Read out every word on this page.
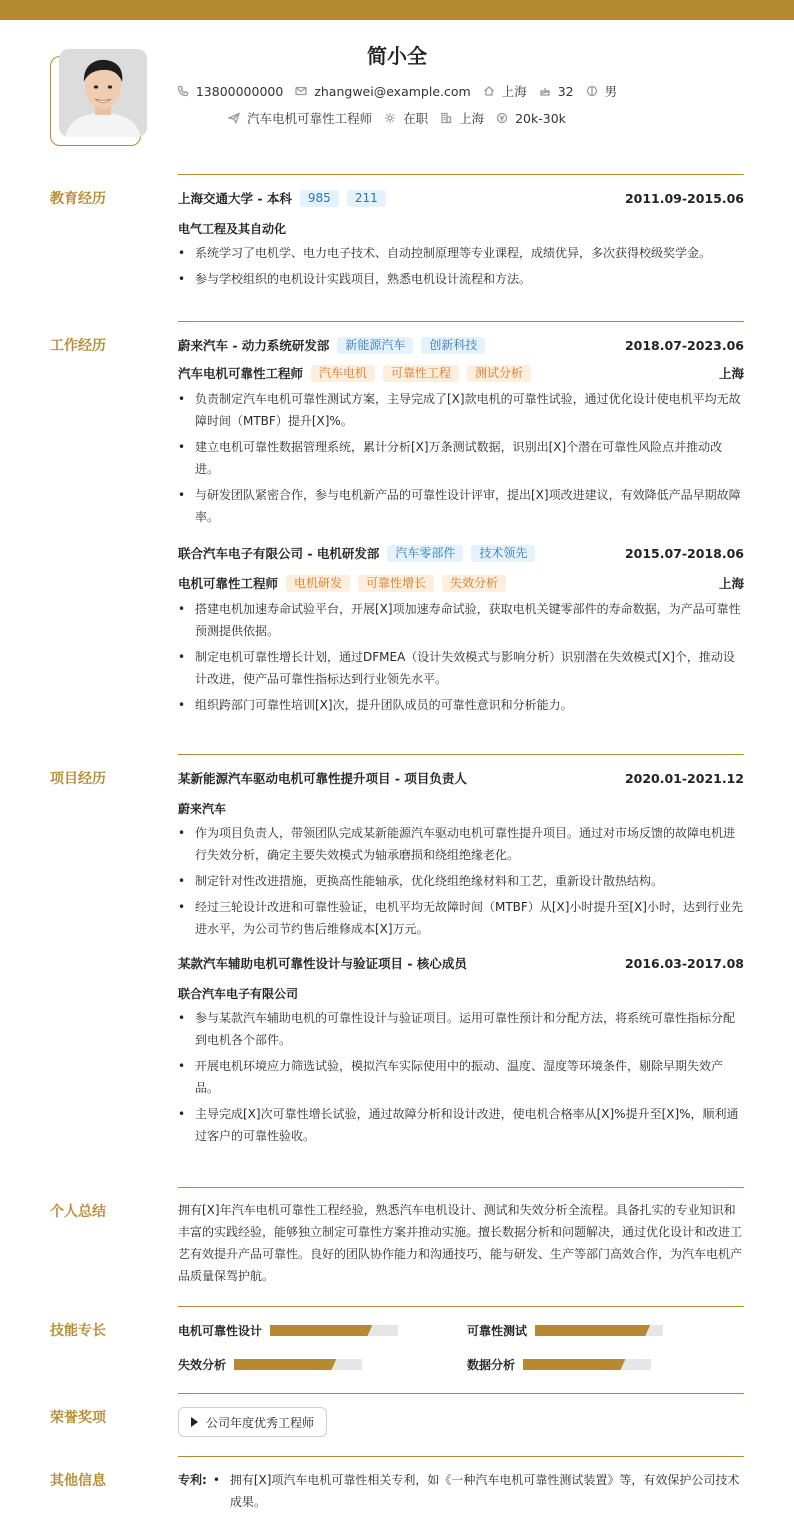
简小全
13800000000 zhangwei@example.com 上海 32 男
汽车电机可靠性工程师 在职 上海 20k-30k
教育经历	上海交通大学 - 本科	985	211	2011.09-2015.06
电气工程及其自动化
• 系统学习了电机学、电力电子技术、自动控制原理等专业课程，成绩优异，多次获得校级奖学金。
• 参与学校组织的电机设计实践项目，熟悉电机设计流程和方法。
工作经历	蔚来汽车 - 动力系统研发部	新能源汽车	创新科技	2018.07-2023.06
汽车电机可靠性工程师	汽车电机	可靠性工程	测试分析	上海
• 负责制定汽车电机可靠性测试方案，主导完成了[X]款电机的可靠性试验，通过优化设计使电机平均无故障时间（MTBF）提升[X]%。
• 建立电机可靠性数据管理系统，累计分析[X]万条测试数据，识别出[X]个潜在可靠性风险点并推动改进。
• 与研发团队紧密合作，参与电机新产品的可靠性设计评审，提出[X]项改进建议，有效降低产品早期故障率。
联合汽车电子有限公司 - 电机研发部	汽车零部件	技术领先	2015.07-2018.06
电机可靠性工程师	电机研发	可靠性增长	失效分析	上海
• 搭建电机加速寿命试验平台，开展[X]项加速寿命试验，获取电机关键零部件的寿命数据，为产品可靠性预测提供依据。
• 制定电机可靠性增长计划，通过DFMEA（设计失效模式与影响分析）识别潜在失效模式[X]个，推动设计改进，使产品可靠性指标达到行业领先水平。
• 组织跨部门可靠性培训[X]次，提升团队成员的可靠性意识和分析能力。
项目经历	某新能源汽车驱动电机可靠性提升项目 - 项目负责人	2020.01-2021.12
蔚来汽车
• 作为项目负责人，带领团队完成某新能源汽车驱动电机可靠性提升项目。通过对市场反馈的故障电机进行失效分析，确定主要失效模式为轴承磨损和绕组绝缘老化。
• 制定针对性改进措施，更换高性能轴承，优化绕组绝缘材料和工艺，重新设计散热结构。
• 经过三轮设计改进和可靠性验证，电机平均无故障时间（MTBF）从[X]小时提升至[X]小时，达到行业先进水平，为公司节约售后维修成本[X]万元。
某款汽车辅助电机可靠性设计与验证项目 - 核心成员	2016.03-2017.08
联合汽车电子有限公司
• 参与某款汽车辅助电机的可靠性设计与验证项目。运用可靠性预计和分配方法，将系统可靠性指标分配到电机各个部件。
• 开展电机环境应力筛选试验，模拟汽车实际使用中的振动、温度、湿度等环境条件，剔除早期失效产品。
• 主导完成[X]次可靠性增长试验，通过故障分析和设计改进，使电机合格率从[X]%提升至[X]%，顺利通过客户的可靠性验收。
个人总结	拥有[X]年汽车电机可靠性工程经验，熟悉汽车电机设计、测试和失效分析全流程。具备扎实的专业知识和丰富的实践经验，能够独立制定可靠性方案并推动实施。擅长数据分析和问题解决，通过优化设计和改进工艺有效提升产品可靠性。良好的团队协作能力和沟通技巧，能与研发、生产等部门高效合作，为汽车电机产品质量保驾护航。

技能专长	电机可靠性设计	可靠性测试
失效分析	数据分析
荣誉奖项	公司年度优秀工程师
其他信息	专利:
•	拥有[X]项汽车电机可靠性相关专利，如《一种汽车电机可靠性测试装置》等，有效保护公司技术成果。
